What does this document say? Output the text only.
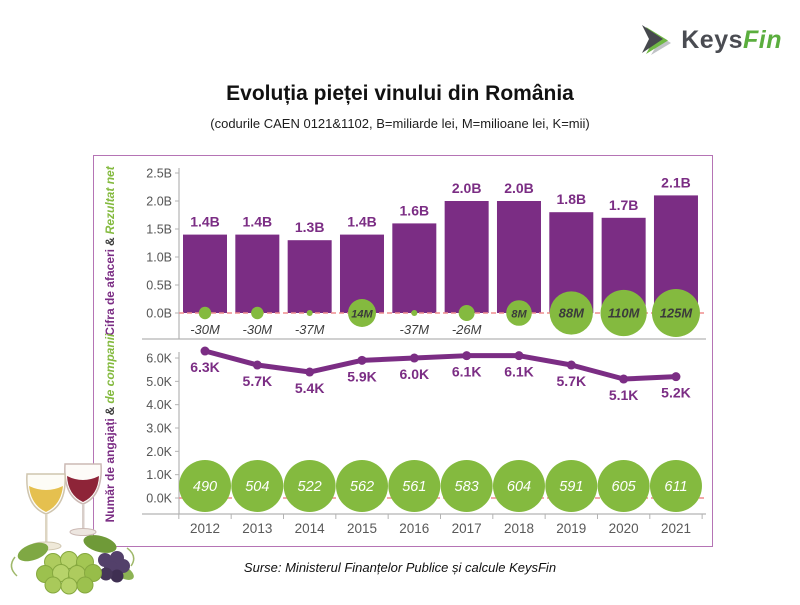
KeysFin
Evoluția pieței vinului din România
(codurile CAEN 0121&1102, B=miliarde lei, M=milioane lei, K=mii)
Cifra de afaceri&Rezultat net
Număr de angajați&de companii
0.0B
0.5B
1.0B
1.5B
2.0B
2.5B
1.4B 1.4B 1.3B 1.4B
1.6B
2.0B 2.0B
1.8B 1.7B
2.1B
-30M -30M -37M
14M
-37M -26M
8M 88M 110M 125M
0.0K
1.0K
2.0K
3.0K
4.0K
5.0K
6.0K
6.3K
5.7K 5.4K
5.9K 6.0K 6.1K 6.1K
5.7K
5.1K 5.2K
490 504 522 562 561 583 604 591 605 611
2012 2013 2014 2015 2016 2017 2018 2019 2020 2021
Surse: Ministerul Finanțelor Publice și calcule KeysFin
